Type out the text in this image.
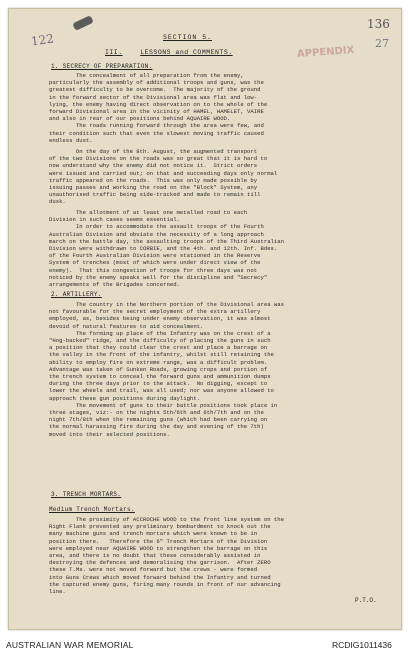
122
136
27
APPENDIX
SECTION 5.
III.	LESSONS and COMMENTS.
1. SECRECY OF PREPARATION.
The concealment of all preparation from the enemy,
particularly the assembly of additional troops and guns, was the
greatest difficulty to be overcome.  The majority of the ground
in the forward sector of the Divisional area was flat and low-
lying, the enemy having direct observation on to the whole of the
forward Divisional area in the vicinity of HAMEL, HAMELET, VAIRE
and also in rear of our positions behind AQUAIRE WOOD.
The roads running forward through the area were few, and
their condition such that even the slowest moving traffic caused
endless dust.
On the day of the 8th. August, the augmented transport
of the two Divisions on the roads was so great that it is hard to
now understand why the enemy did not notice it.  Strict orders
were issued and carried out; on that and succeeding days only normal
traffic appeared on the roads.  This was only made possible by
issuing passes and working the road on the "Block" System, any
unauthorised traffic being side-tracked and made to remain till
dusk.
The allotment of at least one metalled road to each
Division in such cases seems essential.
In order to accommodate the assault troops of the Fourth
Australian Division and obviate the necessity of a long approach
march on the battle day, the assaulting troops of the Third Australian
Division were withdrawn to CORBIE, and the 4th. and 12th. Inf. Bdes.
of the Fourth Australian Division were stationed in the Reserve
System of trenches (most of which were under direct view of the
enemy).  That this congestion of troops for three days was not
noticed by the enemy speaks well for the discipline and "Secrecy"
arrangements of the Brigades concerned.
2. ARTILLERY.
The country in the Northern portion of the Divisional area was
not favourable for the secret employment of the extra artillery
employed, as, besides being under enemy observation, it was almost
devoid of natural features to aid concealment.
The forming up place of the Infantry was on the crest of a
"Hog-backed" ridge, and the difficulty of placing the guns in such
a position that they could clear the crest and place a barrage on
the valley in the front of the infantry, whilst still retaining the
ability to employ fire on extreme range, was a difficult problem.
Advantage was taken of Sunken Roads, growing crops and portion of
the trench system to conceal the forward guns and ammunition dumps
during the three days prior to the attack.  No digging, except to
lower the wheels and trail, was all used; nor was anyone allowed to
approach these gun positions during daylight.
The movement of guns to their battle positions took place in
three stages, viz:- on the nights 5th/6th and 6th/7th and on the
night 7th/8th when the remaining guns (which had been carrying on
the normal harassing fire during the day and evening of the 7th)
moved into their selected positions.
3. TRENCH MORTARS.
Medium Trench Mortars.
The proximity of ACCROCHE WOOD to the front line system on the
Right Flank prevented any preliminary bombardment to knock out the
many machine guns and trench mortars which were known to be in
position there.   Therefore the 6" Trench Mortars of the Division
were employed near AQUAIRE WOOD to strengthen the barrage on this
area, and there is no doubt that these considerably assisted in
destroying the defences and demoralising the garrison.  After ZERO
these T.Ms. were not moved forward but the crews - were formed
into Guns Crews which moved forward behind the Infantry and turned
the captured enemy guns, firing many rounds in front of our advancing
line.
P.T.O.
AUSTRALIAN WAR MEMORIAL	RCDIG1011436
